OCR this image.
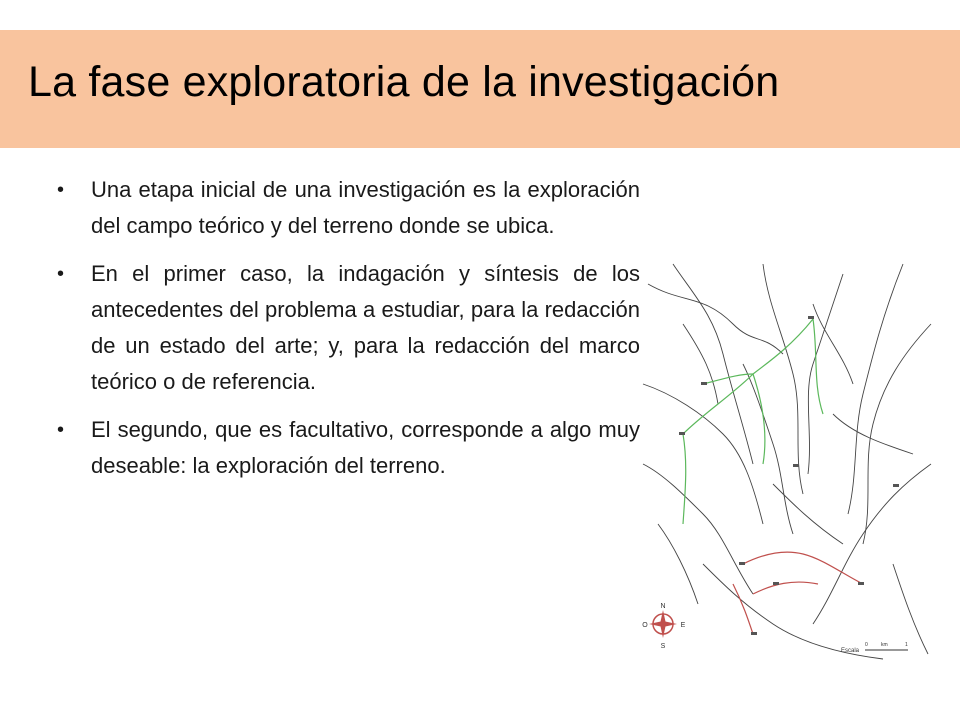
La fase exploratoria de la investigación
• Una etapa inicial de una investigación es la exploración del campo teórico y del terreno donde se ubica.
• En el primer caso, la indagación y síntesis de los antecedentes del problema a estudiar, para la redacción de un estado del arte; y, para la redacción del marco teórico o de referencia.
• El segundo, que es facultativo, corresponde a algo muy deseable: la exploración del terreno.
N
E
S
O
Escala
0	km	1
